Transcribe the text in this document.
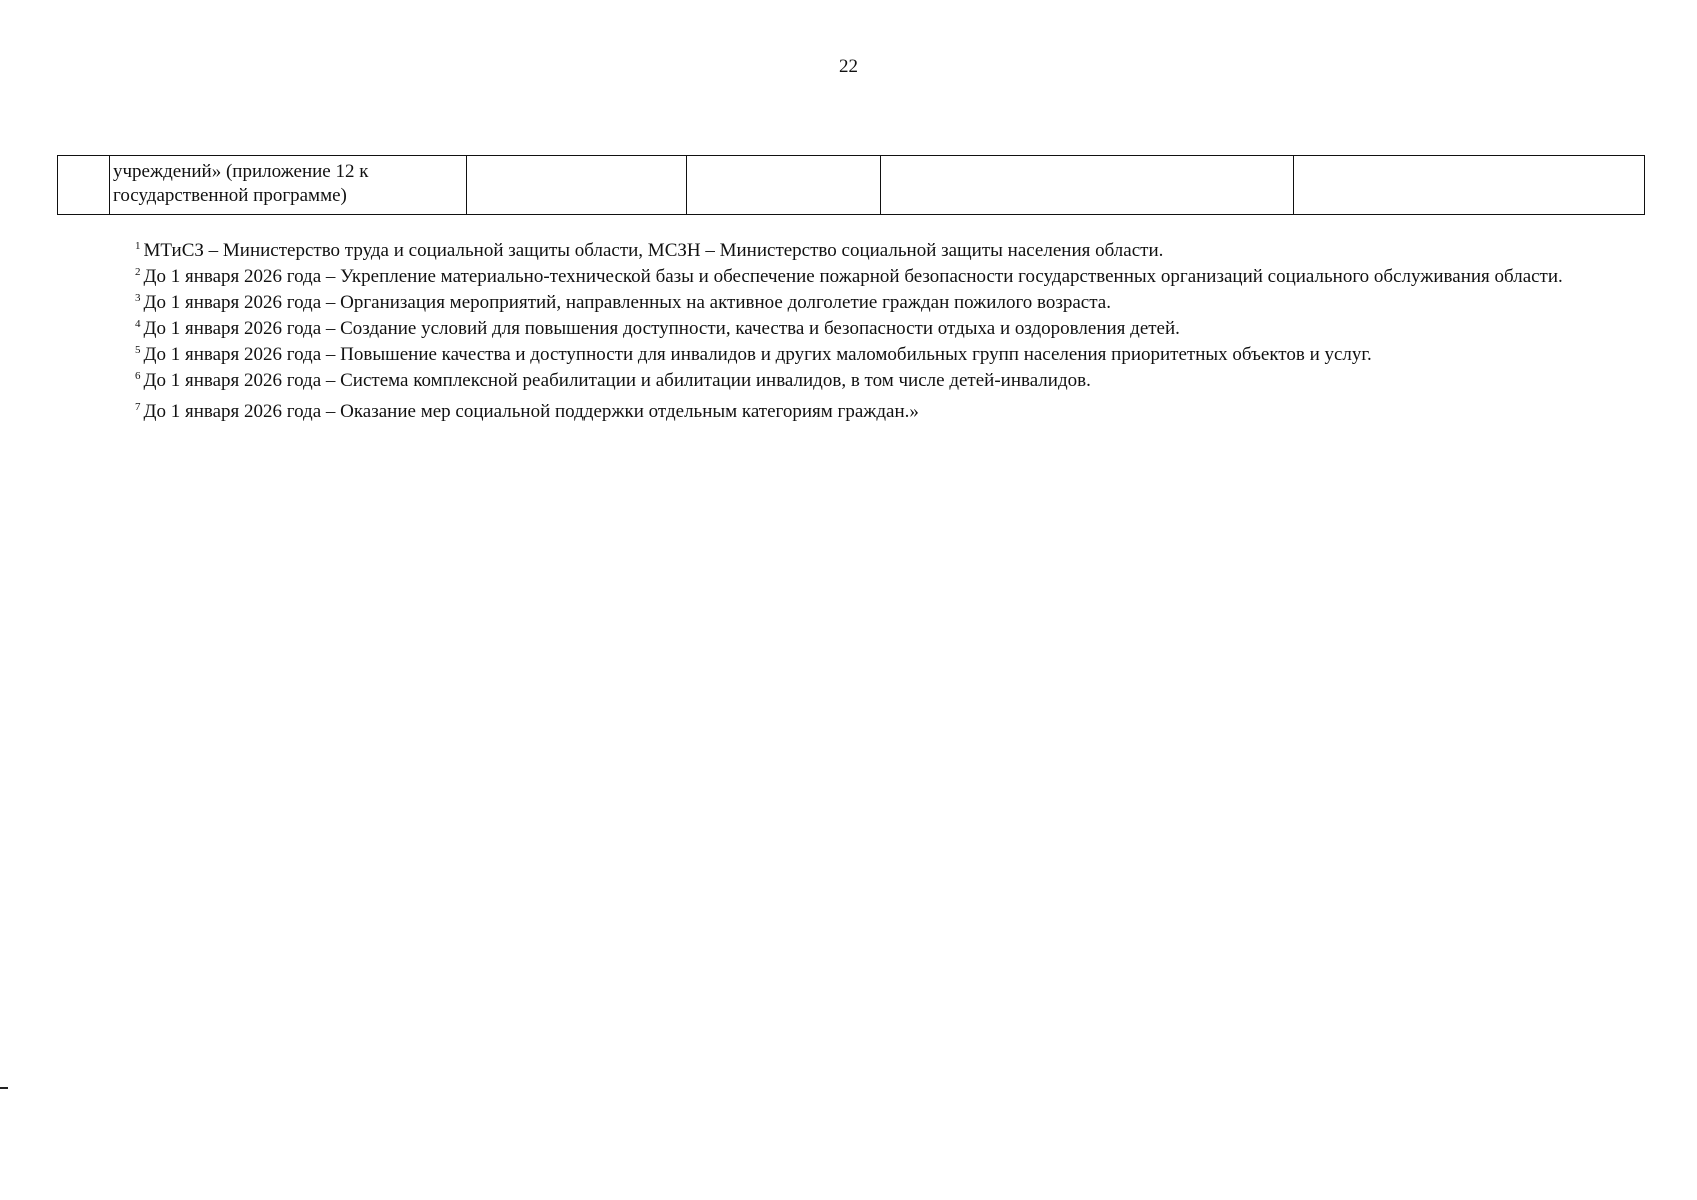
22
	учреждений» (приложение 12 к государственной программе)				

$^1$ МТиСЗ – Министерство труда и социальной защиты области, МСЗН – Министерство социальной защиты населения области.

$^2$ До 1 января 2026 года – Укрепление материально-технической базы и обеспечение пожарной безопасности государственных организаций социального обслуживания области.

$^3$ До 1 января 2026 года – Организация мероприятий, направленных на активное долголетие граждан пожилого возраста.

$^4$ До 1 января 2026 года – Создание условий для повышения доступности, качества и безопасности отдыха и оздоровления детей.

$^5$ До 1 января 2026 года – Повышение качества и доступности для инвалидов и других маломобильных групп населения приоритетных объектов и услуг.

$^6$ До 1 января 2026 года – Система комплексной реабилитации и абилитации инвалидов, в том числе детей-инвалидов.

$^7$ До 1 января 2026 года – Оказание мер социальной поддержки отдельным категориям граждан.»
